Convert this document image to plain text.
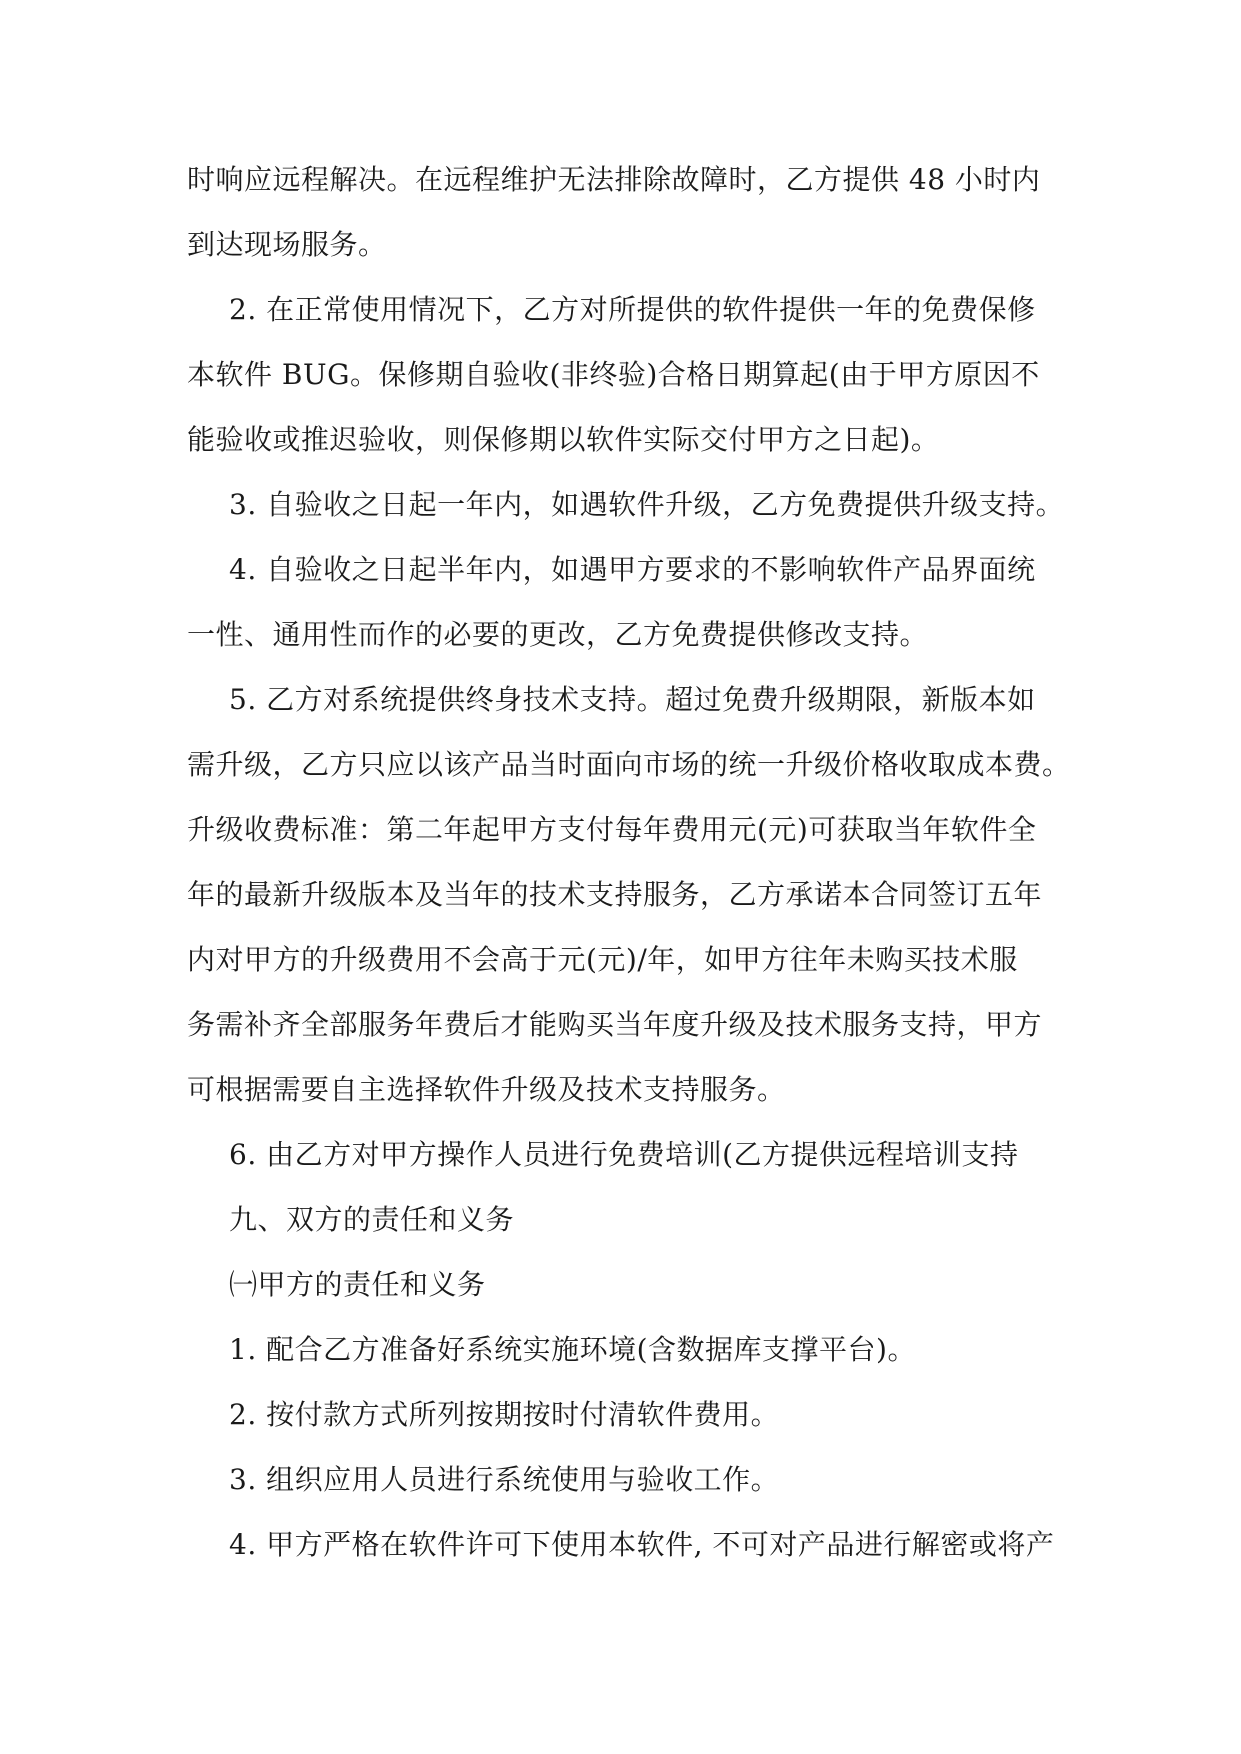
时响应远程解决。在远程维护无法排除故障时，乙方提供 48 小时内
到达现场服务。
2. 在正常使用情况下，乙方对所提供的软件提供一年的免费保修
本软件 BUG。保修期自验收(非终验)合格日期算起(由于甲方原因不
能验收或推迟验收，则保修期以软件实际交付甲方之日起)。
3. 自验收之日起一年内，如遇软件升级，乙方免费提供升级支持。
4. 自验收之日起半年内，如遇甲方要求的不影响软件产品界面统
一性、通用性而作的必要的更改，乙方免费提供修改支持。
5. 乙方对系统提供终身技术支持。超过免费升级期限，新版本如
需升级，乙方只应以该产品当时面向市场的统一升级价格收取成本费。
升级收费标准：第二年起甲方支付每年费用元(元)可获取当年软件全
年的最新升级版本及当年的技术支持服务，乙方承诺本合同签订五年
内对甲方的升级费用不会高于元(元)/年，如甲方往年未购买技术服
务需补齐全部服务年费后才能购买当年度升级及技术服务支持，甲方
可根据需要自主选择软件升级及技术支持服务。
6. 由乙方对甲方操作人员进行免费培训(乙方提供远程培训支持
九、双方的责任和义务
㈠甲方的责任和义务
1. 配合乙方准备好系统实施环境(含数据库支撑平台)。
2. 按付款方式所列按期按时付清软件费用。
3. 组织应用人员进行系统使用与验收工作。
4. 甲方严格在软件许可下使用本软件, 不可对产品进行解密或将产
